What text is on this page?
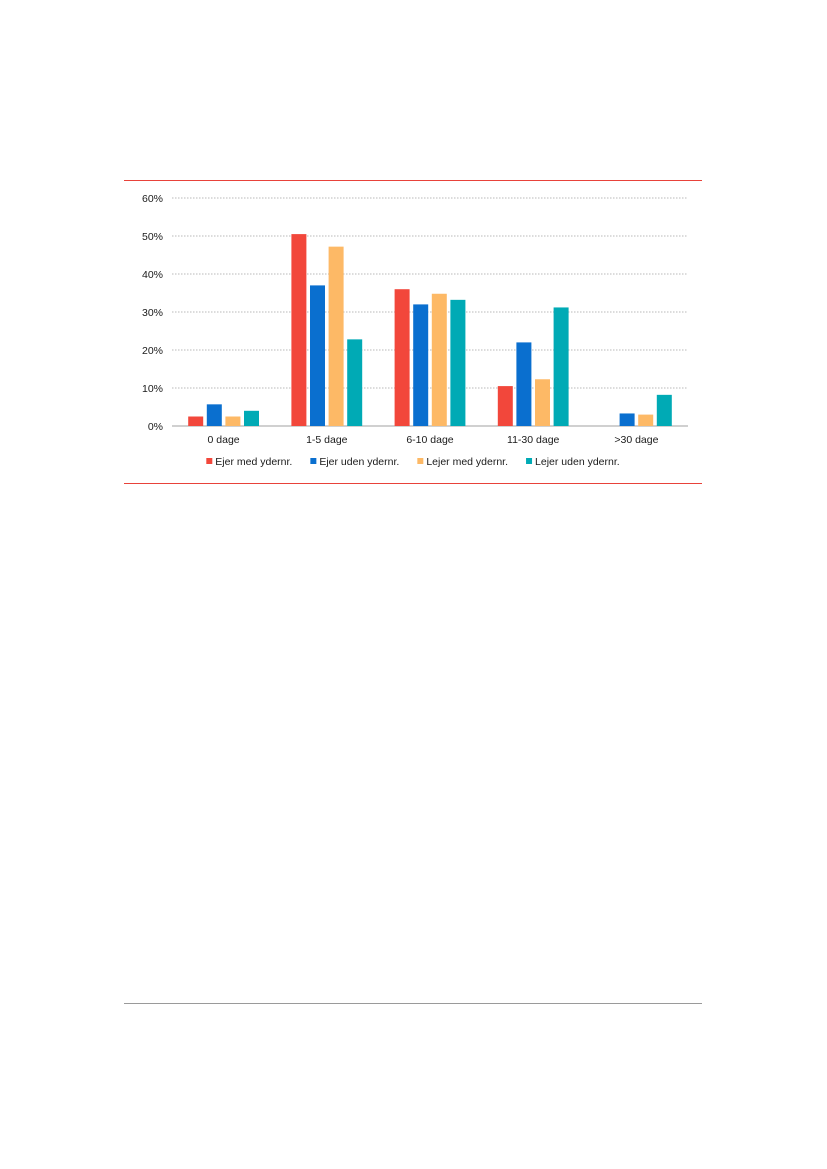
0%
10%
20%
30%
40%
50%
60%
0 dage	1-5 dage	6-10 dage	11-30 dage	>30 dage
Ejer med ydernr.	Ejer uden ydernr.	Lejer med ydernr.	Lejer uden ydernr.
